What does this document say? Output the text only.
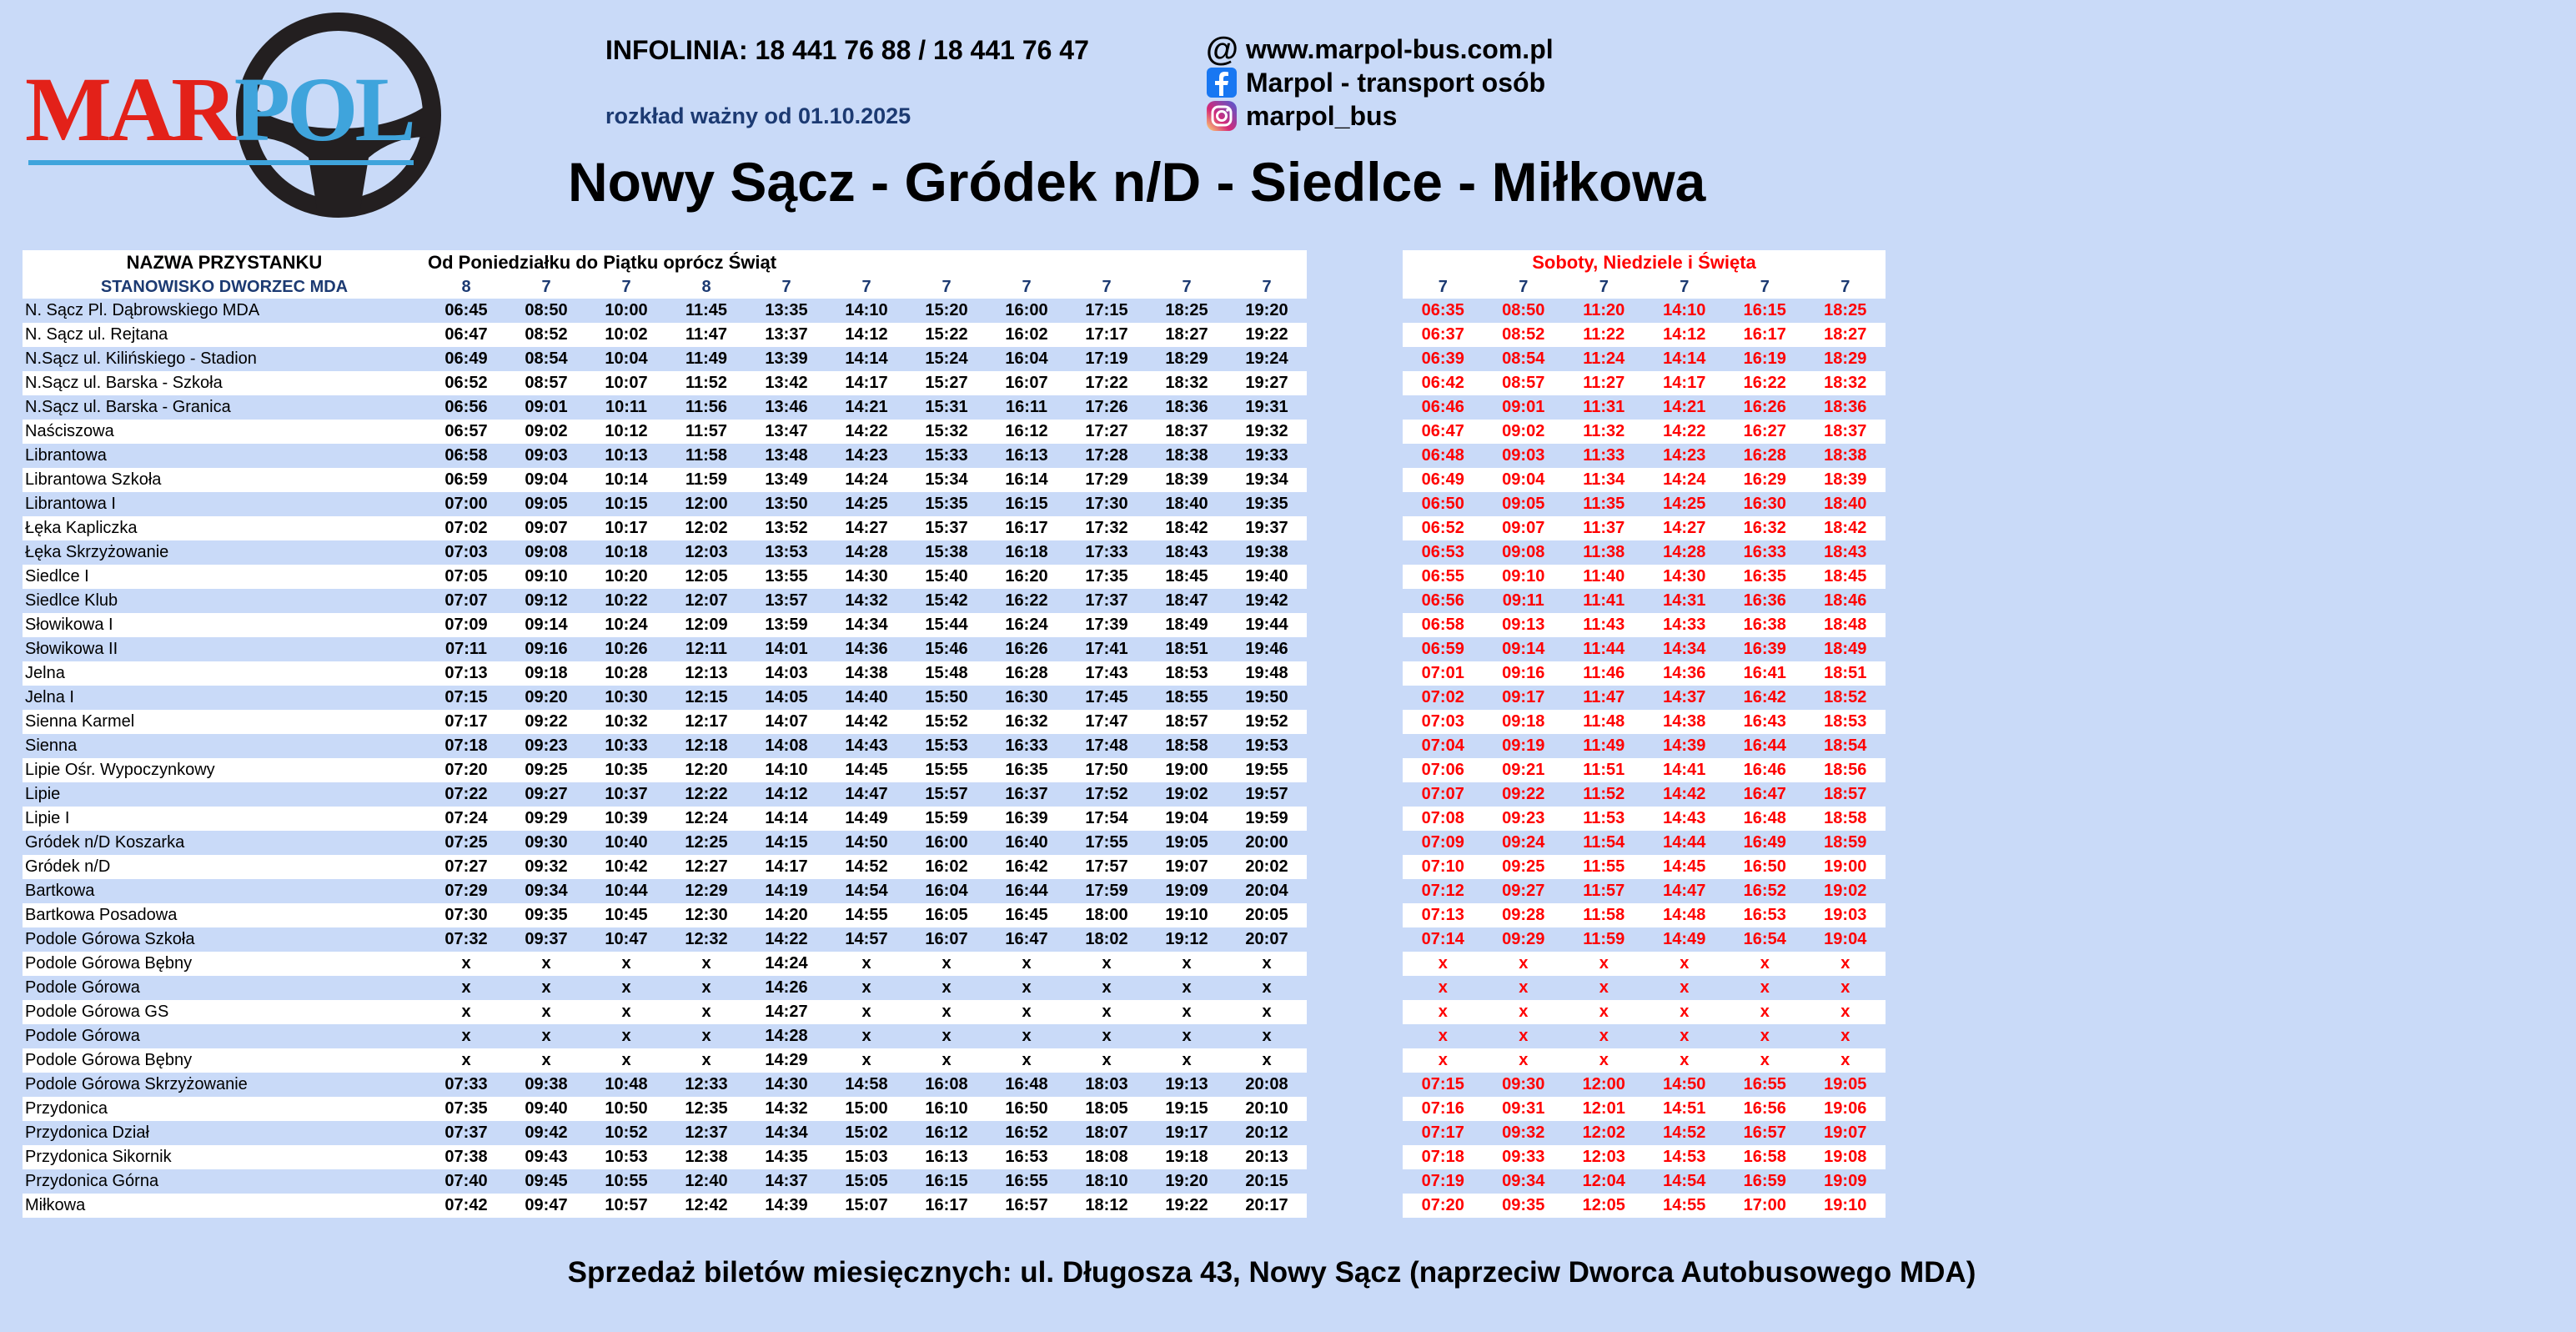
MARPOL
INFOLINIA: 18 441 76 88 / 18 441 76 47
rozkład ważny od 01.10.2025
@ www.marpol-bus.com.pl
Marpol - transport osób
marpol_bus
Nowy Sącz - Gródek n/D - Siedlce - Miłkowa
NAZWA PRZYSTANKU	Od Poniedziałku do Piątku oprócz Świąt										
STANOWISKO DWORZEC MDA	8	7	7	8	7	7	7	7	7	7	7
N. Sącz Pl. Dąbrowskiego MDA	06:45	08:50	10:00	11:45	13:35	14:10	15:20	16:00	17:15	18:25	19:20
N. Sącz ul. Rejtana	06:47	08:52	10:02	11:47	13:37	14:12	15:22	16:02	17:17	18:27	19:22
N.Sącz ul. Kilińskiego - Stadion	06:49	08:54	10:04	11:49	13:39	14:14	15:24	16:04	17:19	18:29	19:24
N.Sącz ul. Barska - Szkoła	06:52	08:57	10:07	11:52	13:42	14:17	15:27	16:07	17:22	18:32	19:27
N.Sącz ul. Barska - Granica	06:56	09:01	10:11	11:56	13:46	14:21	15:31	16:11	17:26	18:36	19:31
Naściszowa	06:57	09:02	10:12	11:57	13:47	14:22	15:32	16:12	17:27	18:37	19:32
Librantowa	06:58	09:03	10:13	11:58	13:48	14:23	15:33	16:13	17:28	18:38	19:33
Librantowa Szkoła	06:59	09:04	10:14	11:59	13:49	14:24	15:34	16:14	17:29	18:39	19:34
Librantowa I	07:00	09:05	10:15	12:00	13:50	14:25	15:35	16:15	17:30	18:40	19:35
Łęka Kapliczka	07:02	09:07	10:17	12:02	13:52	14:27	15:37	16:17	17:32	18:42	19:37
Łęka Skrzyżowanie	07:03	09:08	10:18	12:03	13:53	14:28	15:38	16:18	17:33	18:43	19:38
Siedlce I	07:05	09:10	10:20	12:05	13:55	14:30	15:40	16:20	17:35	18:45	19:40
Siedlce Klub	07:07	09:12	10:22	12:07	13:57	14:32	15:42	16:22	17:37	18:47	19:42
Słowikowa I	07:09	09:14	10:24	12:09	13:59	14:34	15:44	16:24	17:39	18:49	19:44
Słowikowa II	07:11	09:16	10:26	12:11	14:01	14:36	15:46	16:26	17:41	18:51	19:46
Jelna	07:13	09:18	10:28	12:13	14:03	14:38	15:48	16:28	17:43	18:53	19:48
Jelna I	07:15	09:20	10:30	12:15	14:05	14:40	15:50	16:30	17:45	18:55	19:50
Sienna Karmel	07:17	09:22	10:32	12:17	14:07	14:42	15:52	16:32	17:47	18:57	19:52
Sienna	07:18	09:23	10:33	12:18	14:08	14:43	15:53	16:33	17:48	18:58	19:53
Lipie Ośr. Wypoczynkowy	07:20	09:25	10:35	12:20	14:10	14:45	15:55	16:35	17:50	19:00	19:55
Lipie	07:22	09:27	10:37	12:22	14:12	14:47	15:57	16:37	17:52	19:02	19:57
Lipie I	07:24	09:29	10:39	12:24	14:14	14:49	15:59	16:39	17:54	19:04	19:59
Gródek n/D Koszarka	07:25	09:30	10:40	12:25	14:15	14:50	16:00	16:40	17:55	19:05	20:00
Gródek n/D	07:27	09:32	10:42	12:27	14:17	14:52	16:02	16:42	17:57	19:07	20:02
Bartkowa	07:29	09:34	10:44	12:29	14:19	14:54	16:04	16:44	17:59	19:09	20:04
Bartkowa Posadowa	07:30	09:35	10:45	12:30	14:20	14:55	16:05	16:45	18:00	19:10	20:05
Podole Górowa Szkoła	07:32	09:37	10:47	12:32	14:22	14:57	16:07	16:47	18:02	19:12	20:07
Podole Górowa Bębny	x	x	x	x	14:24	x	x	x	x	x	x
Podole Górowa	x	x	x	x	14:26	x	x	x	x	x	x
Podole Górowa GS	x	x	x	x	14:27	x	x	x	x	x	x
Podole Górowa	x	x	x	x	14:28	x	x	x	x	x	x
Podole Górowa Bębny	x	x	x	x	14:29	x	x	x	x	x	x
Podole Górowa Skrzyżowanie	07:33	09:38	10:48	12:33	14:30	14:58	16:08	16:48	18:03	19:13	20:08
Przydonica	07:35	09:40	10:50	12:35	14:32	15:00	16:10	16:50	18:05	19:15	20:10
Przydonica Dział	07:37	09:42	10:52	12:37	14:34	15:02	16:12	16:52	18:07	19:17	20:12
Przydonica Sikornik	07:38	09:43	10:53	12:38	14:35	15:03	16:13	16:53	18:08	19:18	20:13
Przydonica Górna	07:40	09:45	10:55	12:40	14:37	15:05	16:15	16:55	18:10	19:20	20:15
Miłkowa	07:42	09:47	10:57	12:42	14:39	15:07	16:17	16:57	18:12	19:22	20:17
Soboty, Niedziele i Święta					
7	7	7	7	7	7
06:35	08:50	11:20	14:10	16:15	18:25
06:37	08:52	11:22	14:12	16:17	18:27
06:39	08:54	11:24	14:14	16:19	18:29
06:42	08:57	11:27	14:17	16:22	18:32
06:46	09:01	11:31	14:21	16:26	18:36
06:47	09:02	11:32	14:22	16:27	18:37
06:48	09:03	11:33	14:23	16:28	18:38
06:49	09:04	11:34	14:24	16:29	18:39
06:50	09:05	11:35	14:25	16:30	18:40
06:52	09:07	11:37	14:27	16:32	18:42
06:53	09:08	11:38	14:28	16:33	18:43
06:55	09:10	11:40	14:30	16:35	18:45
06:56	09:11	11:41	14:31	16:36	18:46
06:58	09:13	11:43	14:33	16:38	18:48
06:59	09:14	11:44	14:34	16:39	18:49
07:01	09:16	11:46	14:36	16:41	18:51
07:02	09:17	11:47	14:37	16:42	18:52
07:03	09:18	11:48	14:38	16:43	18:53
07:04	09:19	11:49	14:39	16:44	18:54
07:06	09:21	11:51	14:41	16:46	18:56
07:07	09:22	11:52	14:42	16:47	18:57
07:08	09:23	11:53	14:43	16:48	18:58
07:09	09:24	11:54	14:44	16:49	18:59
07:10	09:25	11:55	14:45	16:50	19:00
07:12	09:27	11:57	14:47	16:52	19:02
07:13	09:28	11:58	14:48	16:53	19:03
07:14	09:29	11:59	14:49	16:54	19:04
x	x	x	x	x	x
x	x	x	x	x	x
x	x	x	x	x	x
x	x	x	x	x	x
x	x	x	x	x	x
07:15	09:30	12:00	14:50	16:55	19:05
07:16	09:31	12:01	14:51	16:56	19:06
07:17	09:32	12:02	14:52	16:57	19:07
07:18	09:33	12:03	14:53	16:58	19:08
07:19	09:34	12:04	14:54	16:59	19:09
07:20	09:35	12:05	14:55	17:00	19:10
Sprzedaż biletów miesięcznych: ul. Długosza 43, Nowy Sącz (naprzeciw Dworca Autobusowego MDA)
